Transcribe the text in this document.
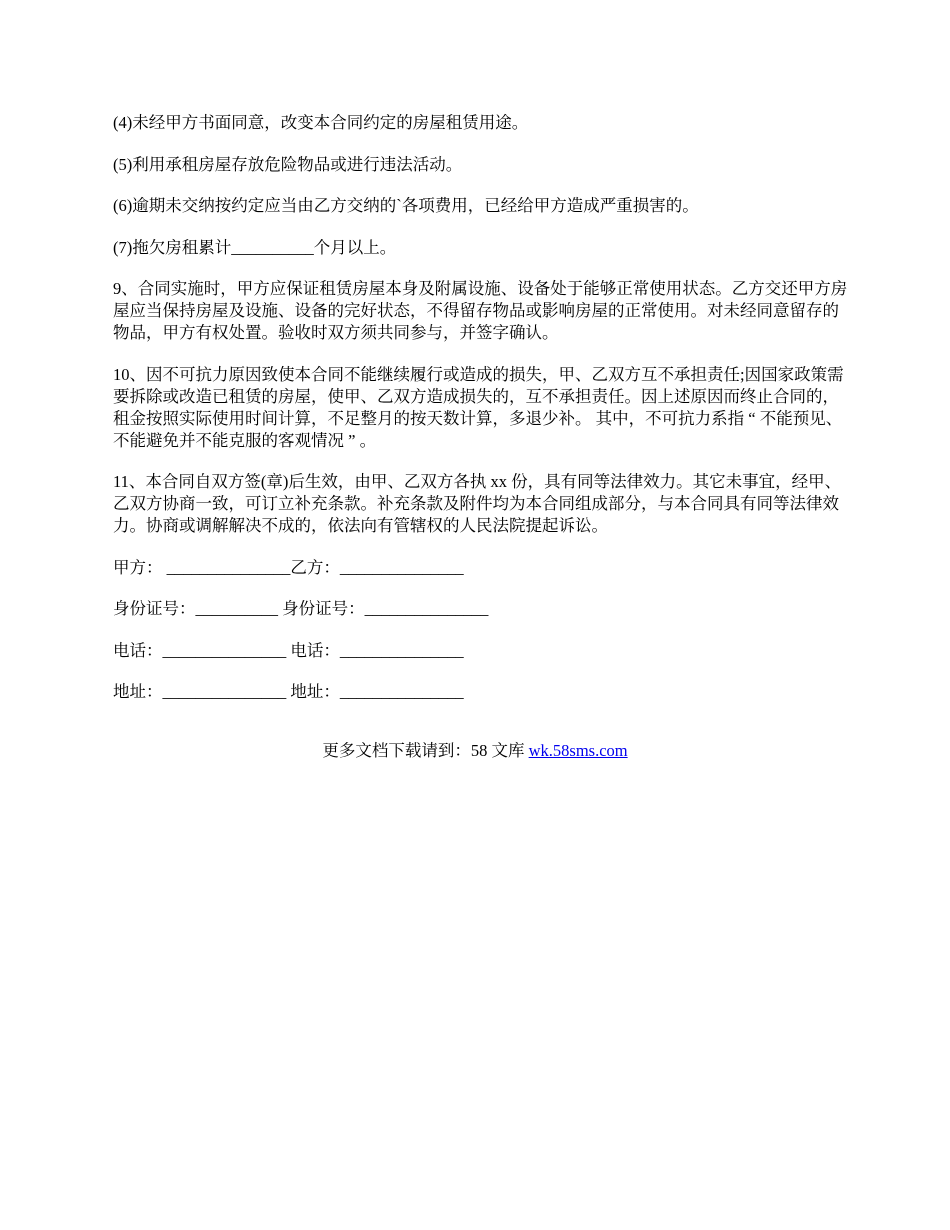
(4)未经甲方书面同意，改变本合同约定的房屋租赁用途。

(5)利用承租房屋存放危险物品或进行违法活动。

(6)逾期未交纳按约定应当由乙方交纳的`各项费用，已经给甲方造成严重损害的。

(7)拖欠房租累计__________个月以上。

9、合同实施时，甲方应保证租赁房屋本身及附属设施、设备处于能够正常使用状态。乙方交还甲方房屋应当保持房屋及设施、设备的完好状态，不得留存物品或影响房屋的正常使用。对未经同意留存的物品，甲方有权处置。验收时双方须共同参与，并签字确认。

10、因不可抗力原因致使本合同不能继续履行或造成的损失，甲、乙双方互不承担责任;因国家政策需要拆除或改造已租赁的房屋，使甲、乙双方造成损失的，互不承担责任。因上述原因而终止合同的，租金按照实际使用时间计算，不足整月的按天数计算，多退少补。 其中，不可抗力系指 “ 不能预见、不能避免并不能克服的客观情况 ” 。

11、本合同自双方签(章)后生效，由甲、乙双方各执 xx 份，具有同等法律效力。其它未事宜，经甲、乙双方协商一致，可订立补充条款。补充条款及附件均为本合同组成部分，与本合同具有同等法律效力。协商或调解解决不成的，依法向有管辖权的人民法院提起诉讼。

甲方： _______________乙方：_______________
身份证号：__________ 身份证号：_______________
电话：_______________ 电话：_______________
地址：_______________ 地址：_______________
更多文档下载请到：58 文库 wk.58sms.com
